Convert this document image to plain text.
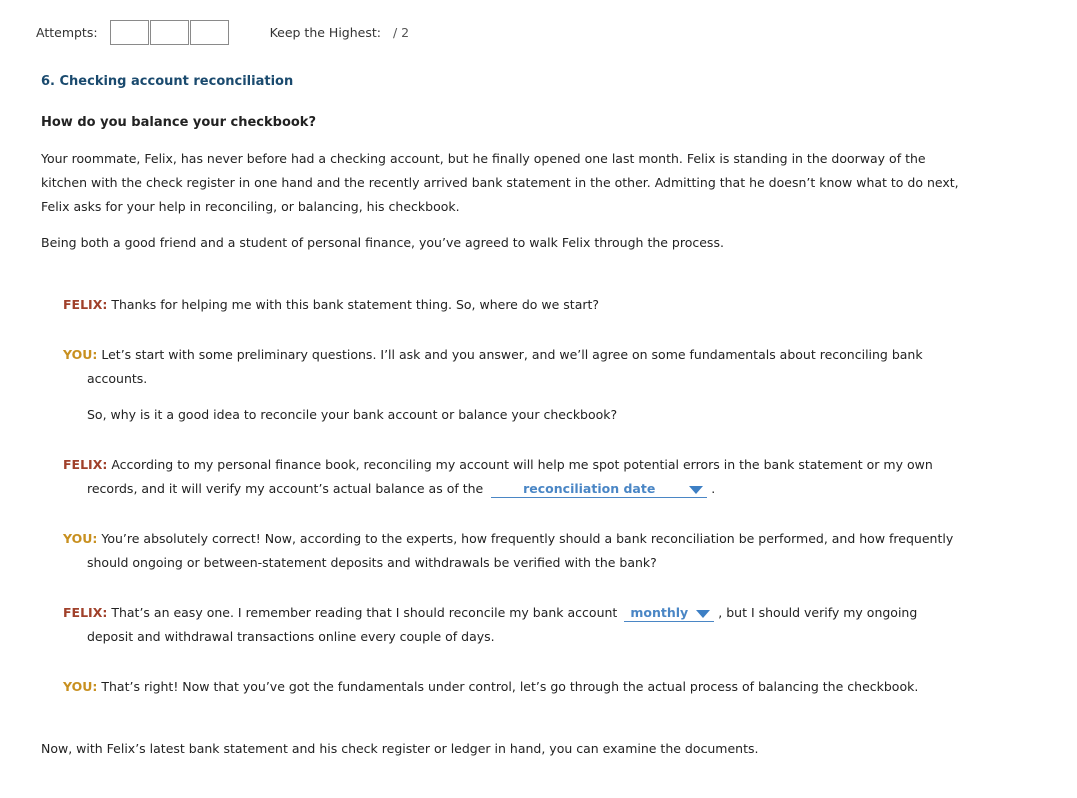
Attempts:	Keep the Highest: / 2
6. Checking account reconciliation
How do you balance your checkbook?
Your roommate, Felix, has never before had a checking account, but he finally opened one last month. Felix is standing in the doorway of the kitchen with the check register in one hand and the recently arrived bank statement in the other. Admitting that he doesn’t know what to do next, Felix asks for your help in reconciling, or balancing, his checkbook.
Being both a good friend and a student of personal finance, you’ve agreed to walk Felix through the process.
FELIX: Thanks for helping me with this bank statement thing. So, where do we start?
YOU: Let’s start with some preliminary questions. I’ll ask and you answer, and we’ll agree on some fundamentals about reconciling bank accounts.
So, why is it a good idea to reconcile your bank account or balance your checkbook?
FELIX: According to my personal finance book, reconciling my account will help me spot potential errors in the bank statement or my own records, and it will verify my account’s actual balance as of the	reconciliation date	.
YOU: You’re absolutely correct! Now, according to the experts, how frequently should a bank reconciliation be performed, and how frequently should ongoing or between-statement deposits and withdrawals be verified with the bank?
FELIX: That’s an easy one. I remember reading that I should reconcile my bank account monthly , but I should verify my ongoing deposit and withdrawal transactions online every couple of days.
YOU: That’s right! Now that you’ve got the fundamentals under control, let’s go through the actual process of balancing the checkbook.
Now, with Felix’s latest bank statement and his check register or ledger in hand, you can examine the documents.
